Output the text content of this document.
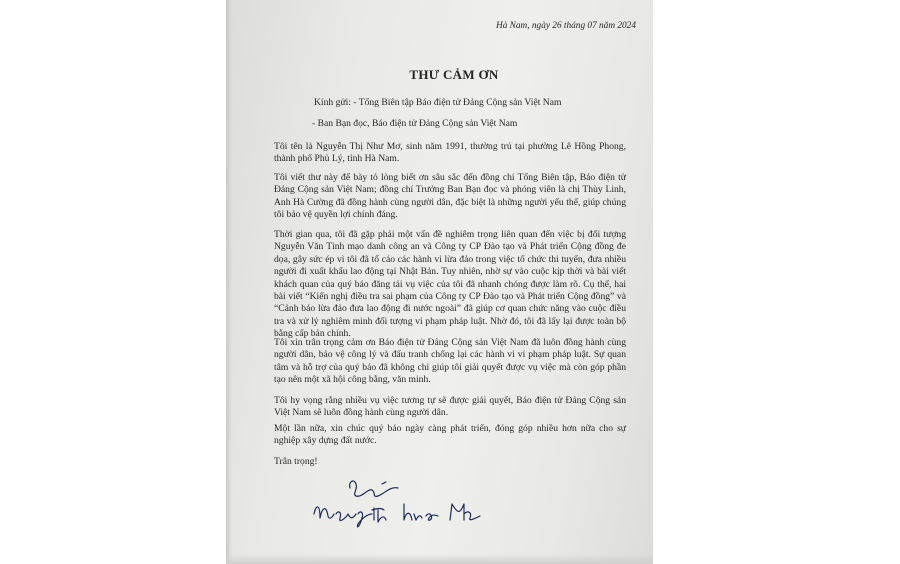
Hà Nam, ngày 26 tháng 07 năm 2024
THƯ CẢM ƠN
Kính gửi: - Tổng Biên tập Báo điện tử Đảng Cộng sản Việt Nam
- Ban Bạn đọc, Báo điện tử Đảng Cộng sản Việt Nam
Tôi tên là Nguyễn Thị Như Mơ, sinh năm 1991, thường trú tại phường Lê Hồng Phong, thành phố Phủ Lý, tỉnh Hà Nam.
Tôi viết thư này để bày tỏ lòng biết ơn sâu sắc đến đồng chí Tổng Biên tập, Báo điện tử Đảng Cộng sản Việt Nam; đồng chí Trưởng Ban Bạn đọc và phóng viên là chị Thùy Linh, Anh Hà Cường đã đồng hành cùng người dân, đặc biệt là những người yếu thế, giúp chúng tôi bảo vệ quyền lợi chính đáng.
Thời gian qua, tôi đã gặp phải một vấn đề nghiêm trọng liên quan đến việc bị đối tượng Nguyễn Văn Tình mạo danh công an và Công ty CP Đào tạo và Phát triển Cộng đồng đe dọa, gây sức ép vì tôi đã tố cáo các hành vi lừa đảo trong việc tổ chức thi tuyển, đưa nhiều người đi xuất khẩu lao động tại Nhật Bản. Tuy nhiên, nhờ sự vào cuộc kịp thời và bài viết khách quan của quý báo đăng tải vụ việc của tôi đã nhanh chóng được làm rõ. Cụ thể, hai bài viết “Kiến nghị điều tra sai phạm của Công ty CP Đào tạo và Phát triển Cộng đồng” và “Cảnh báo lừa đảo đưa lao động đi nước ngoài” đã giúp cơ quan chức năng vào cuộc điều tra và xử lý nghiêm minh đối tượng vi phạm pháp luật. Nhờ đó, tôi đã lấy lại được toàn bộ bằng cấp bản chính.
Tôi xin trân trọng cảm ơn Báo điện tử Đảng Cộng sản Việt Nam đã luôn đồng hành cùng người dân, bảo vệ công lý và đấu tranh chống lại các hành vi vi phạm pháp luật. Sự quan tâm và hỗ trợ của quý báo đã không chỉ giúp tôi giải quyết được vụ việc mà còn góp phần tạo nên một xã hội công bằng, văn minh.
Tôi hy vọng rằng nhiều vụ việc tương tự sẽ được giải quyết, Báo điện tử Đảng Cộng sản Việt Nam sẽ luôn đồng hành cùng người dân.
Một lần nữa, xin chúc quý báo ngày càng phát triển, đóng góp nhiều hơn nữa cho sự nghiệp xây dựng đất nước.
Trân trọng!
